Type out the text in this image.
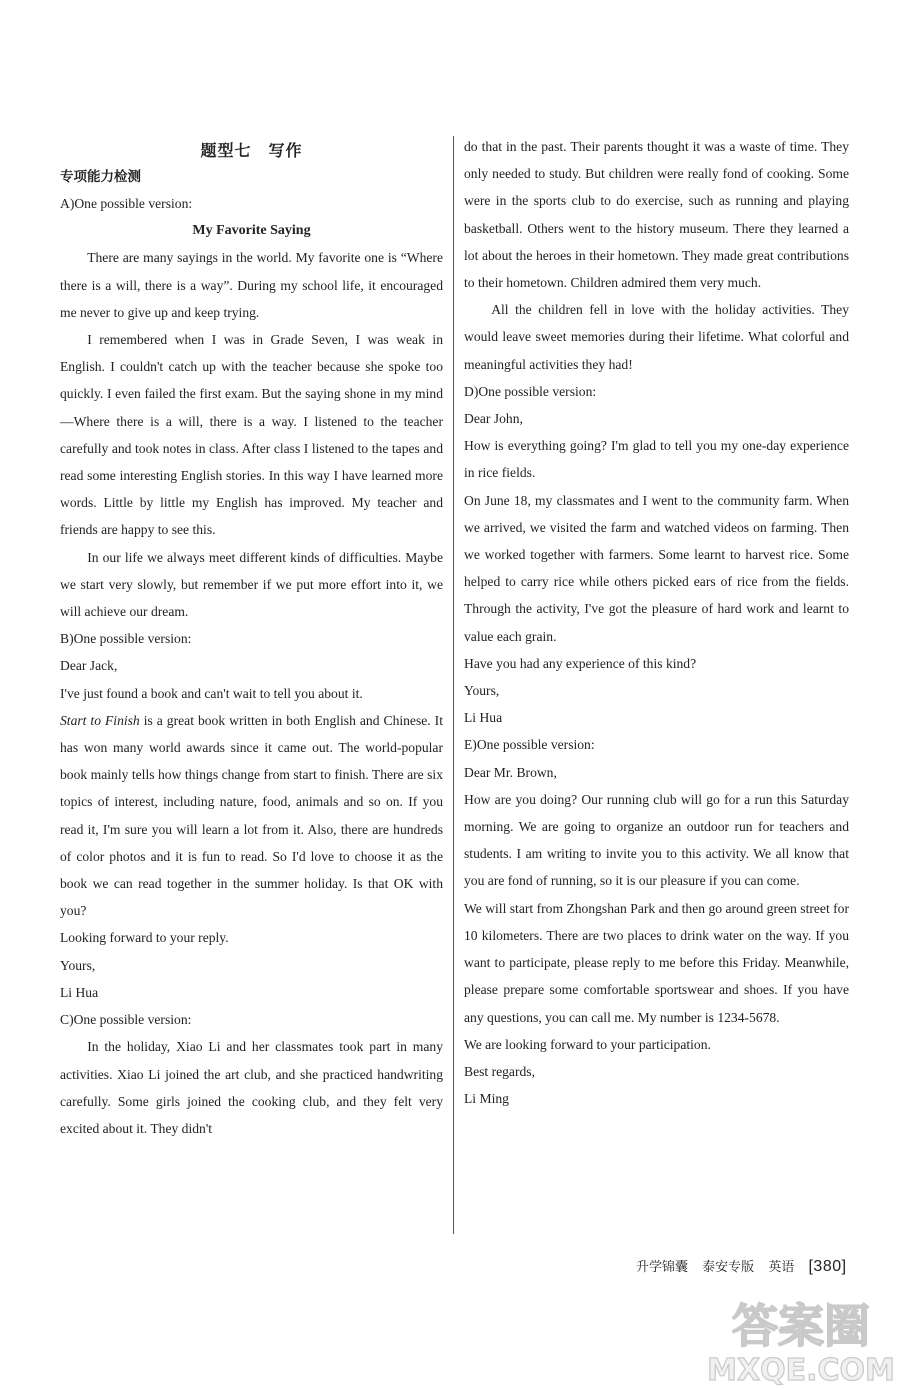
题型七　写作
专项能力检测

A)One possible version:

My Favorite Saying

There are many sayings in the world. My favorite one is “Where there is a will, there is a way”. During my school life, it encouraged me never to give up and keep trying.

I remembered when I was in Grade Seven, I was weak in English. I couldn't catch up with the teacher because she spoke too quickly. I even failed the first exam. But the saying shone in my mind—Where there is a will, there is a way. I listened to the teacher carefully and took notes in class. After class I listened to the tapes and read some interesting English stories. In this way I have learned more words. Little by little my English has improved. My teacher and friends are happy to see this.

In our life we always meet different kinds of difficulties. Maybe we start very slowly, but remember if we put more effort into it, we will achieve our dream.

B)One possible version:

Dear Jack,

I've just found a book and can't wait to tell you about it.

Start to Finish is a great book written in both English and Chinese. It has won many world awards since it came out. The world-popular book mainly tells how things change from start to finish. There are six topics of interest, including nature, food, animals and so on. If you read it, I'm sure you will learn a lot from it. Also, there are hundreds of color photos and it is fun to read. So I'd love to choose it as the book we can read together in the summer holiday. Is that OK with you?

Looking forward to your reply.

Yours,

Li Hua

C)One possible version:

In the holiday, Xiao Li and her classmates took part in many activities. Xiao Li joined the art club, and she practiced handwriting carefully. Some girls joined the cooking club, and they felt very excited about it. They didn't

do that in the past. Their parents thought it was a waste of time. They only needed to study. But children were really fond of cooking. Some were in the sports club to do exercise, such as running and playing basketball. Others went to the history museum. There they learned a lot about the heroes in their hometown. They made great contributions to their hometown. Children admired them very much.

All the children fell in love with the holiday activities. They would leave sweet memories during their lifetime. What colorful and meaningful activities they had!

D)One possible version:

Dear John,

How is everything going? I'm glad to tell you my one-day experience in rice fields.

On June 18, my classmates and I went to the community farm. When we arrived, we visited the farm and watched videos on farming. Then we worked together with farmers. Some learnt to harvest rice. Some helped to carry rice while others picked ears of rice from the fields. Through the activity, I've got the pleasure of hard work and learnt to value each grain.

Have you had any experience of this kind?

Yours,

Li Hua

E)One possible version:

Dear Mr. Brown,

How are you doing? Our running club will go for a run this Saturday morning. We are going to organize an outdoor run for teachers and students. I am writing to invite you to this activity. We all know that you are fond of running, so it is our pleasure if you can come.

We will start from Zhongshan Park and then go around green street for 10 kilometers. There are two places to drink water on the way. If you want to participate, please reply to me before this Friday. Meanwhile, please prepare some comfortable sportswear and shoes. If you have any questions, you can call me. My number is 1234-5678.

We are looking forward to your participation.

Best regards,

Li Ming

升学锦囊 泰安专版 英语 [380]
答案圈
MXQE.COM
